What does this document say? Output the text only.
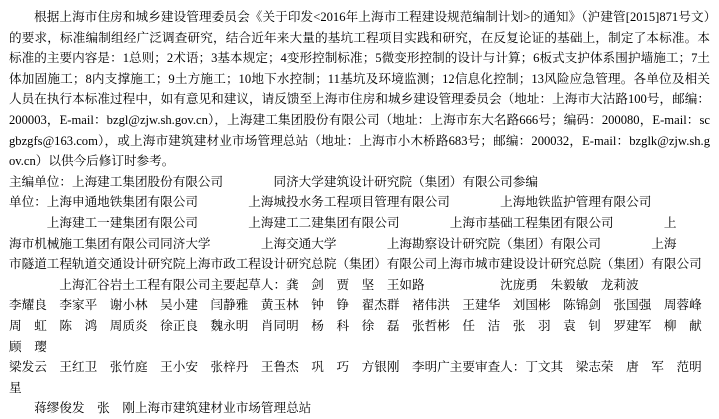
根据上海市住房和城乡建设管理委员会《关于印发<2016年上海市工程建设规范编制计划>的通知》（沪建管[2015]871号文）的要求，标准编制组经广泛调查研究，结合近年来大量的基坑工程项目实践和研究，在反复论证的基础上，制定了本标准。本标准的主要内容是：1总则；2术语；3基本规定；4变形控制标准；5微变形控制的设计与计算；6板式支护体系围护墙施工；7土体加固施工；8内支撑施工；9土方施工；10地下水控制；11基坑及环境监测；12信息化控制；13风险应急管理。各单位及相关人员在执行本标准过程中，如有意见和建议，请反馈至上海市住房和城乡建设管理委员会（地址：上海市大沽路100号，邮编：200003，E-mail：bzgl@zjw.sh.gov.cn），上海建工集团股份有限公司（地址：上海市东大名路666号；编码：200080，E-mail：scgbzgfs@163.com），或上海市建筑建材业市场管理总站（地址：上海市小木桥路683号；邮编：200032，E-mail：bzglk@zjw.sh.gov.cn）以供今后修订时参考。

主编单位：上海建工集团股份有限公司　　　　同济大学建筑设计研究院（集团）有限公司参编
单位：上海申通地铁集团有限公司　　　　上海城投水务工程项目管理有限公司　　　　上海地铁监护管理有限公司
　　　上海建工一建集团有限公司　　　　上海建工二建集团有限公司　　　　上海市基础工程集团有限公司　　　　上
海市机械施工集团有限公司同济大学　　　　上海交通大学　　　　上海勘察设计研究院（集团）有限公司　　　　上海
市隧道工程轨道交通设计研究院上海市政工程设计研究总院（集团）有限公司上海市城市建设设计研究总院（集团）有限公司
　　　　上海汇谷岩土工程有限公司主要起草人：龚　剑　贾　坚　王如路　　　　　　沈庞勇　朱毅敏　龙莉波
李耀良　李家平　谢小林　吴小建　闫静雅　黄玉林　钟　铮　翟杰群　褚伟洪　王建华　刘国彬　陈锦剑　张国强　周蓉峰
周　虹　陈　鸿　周质炎　徐正良　魏永明　肖同明　杨　科　徐　磊　张哲彬　任　洁　张　羽　袁　钊　罗建军　柳　献　顾　璎
梁发云　王红卫　张竹庭　王小安　张梓丹　王鲁杰　巩　巧　方银刚　李明广主要审查人：丁文其　梁志荣　唐　军　范明星
　　蒋缪俊发　张　刚上海市建筑建材业市场管理总站
